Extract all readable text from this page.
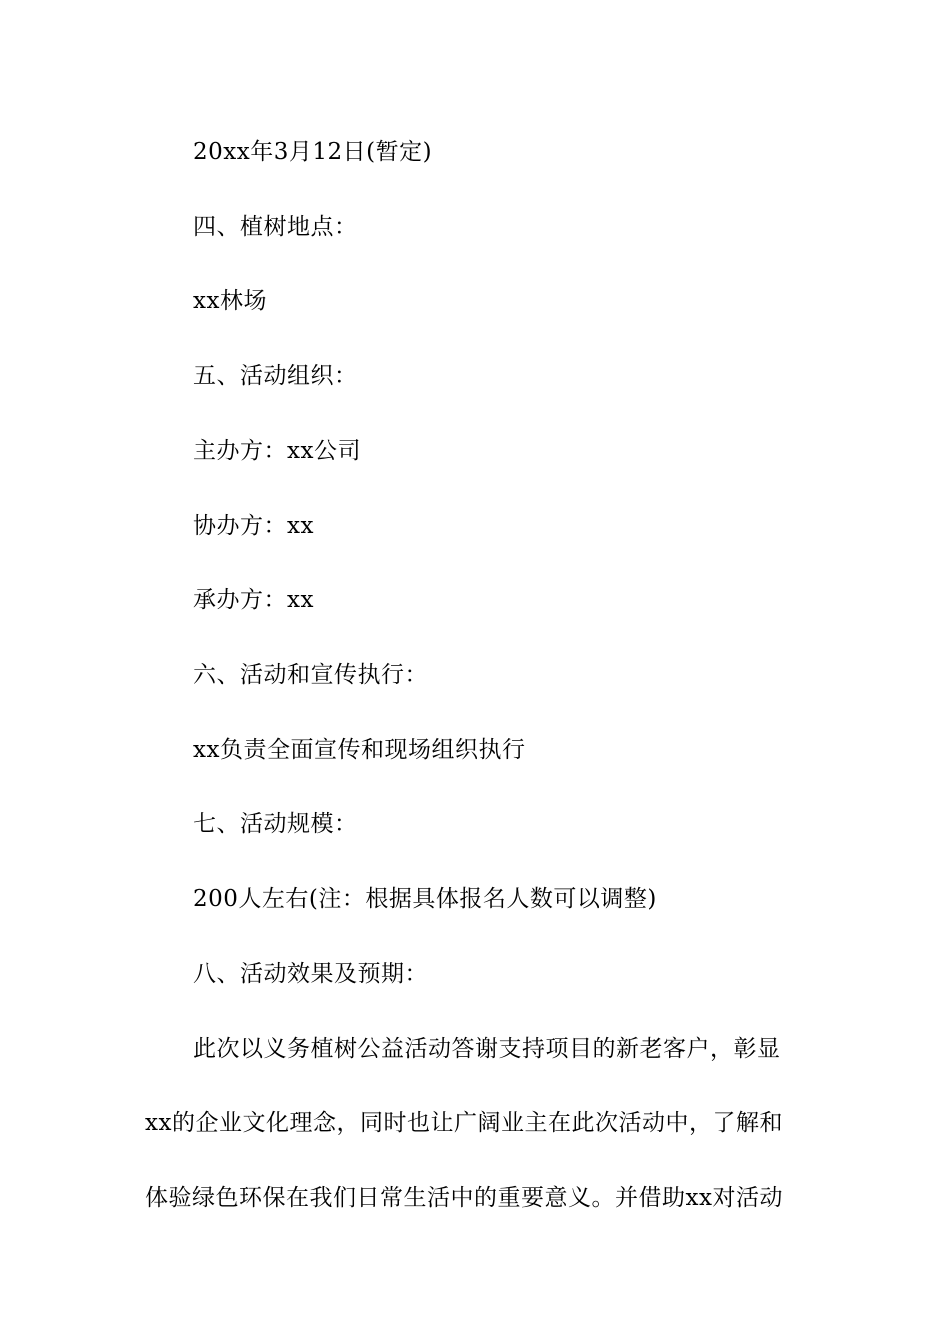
20xx年3月12日(暂定)
四、植树地点：
xx林场
五、活动组织：
主办方：xx公司
协办方：xx
承办方：xx
六、活动和宣传执行：
xx负责全面宣传和现场组织执行
七、活动规模：
200人左右(注：根据具体报名人数可以调整)
八、活动效果及预期：
此次以义务植树公益活动答谢支持项目的新老客户，彰显
xx的企业文化理念，同时也让广阔业主在此次活动中，了解和
体验绿色环保在我们日常生活中的重要意义。并借助xx对活动
